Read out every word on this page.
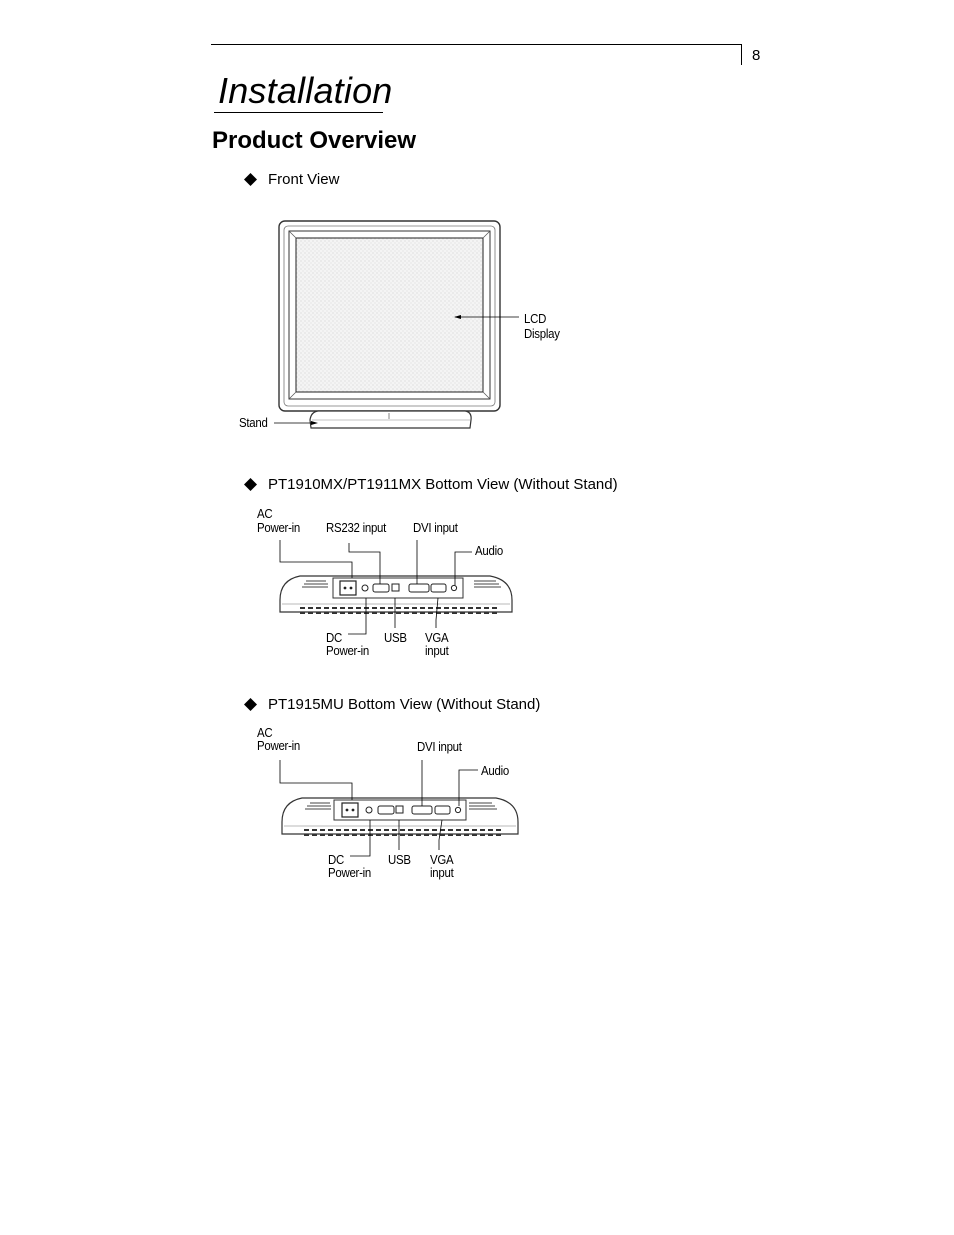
8
Installation
Product Overview
Front View
LCD
Display
Stand
PT1910MX/PT1911MX Bottom View (Without Stand)
AC
Power-in RS232 input DVI input
Audio
DC
Power-in
USB VGA
input
PT1915MU Bottom View (Without Stand)
AC
Power-in	DVI input
Audio
DC
Power-in
USB VGA
input
